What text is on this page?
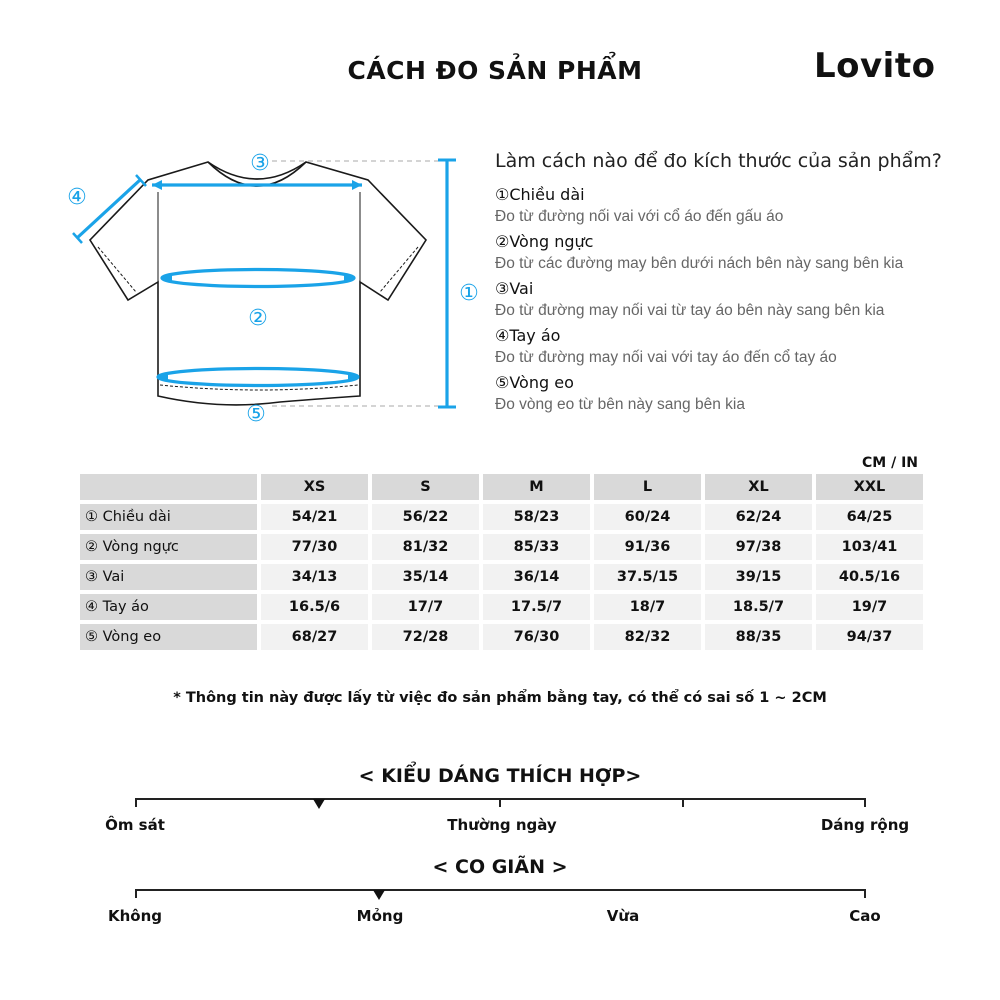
CÁCH ĐO SẢN PHẨM	Lovito
①
②
③
④
⑤
Làm cách nào để đo kích thước của sản phẩm?
①Chiều dài
Đo từ đường nối vai với cổ áo đến gấu áo
②Vòng ngực
Đo từ các đường may bên dưới nách bên này sang bên kia
③Vai
Đo từ đường may nối vai từ tay áo bên này sang bên kia
④Tay áo
Đo từ đường may nối vai với tay áo đến cổ tay áo
⑤Vòng eo
Đo vòng eo từ bên này sang bên kia
CM / IN
	XS	S	M	L	XL	XXL
① Chiều dài	54/21	56/22	58/23	60/24	62/24	64/25
② Vòng ngực	77/30	81/32	85/33	91/36	97/38	103/41
③ Vai	34/13	35/14	36/14	37.5/15	39/15	40.5/16
④ Tay áo	16.5/6	17/7	17.5/7	18/7	18.5/7	19/7
⑤ Vòng eo	68/27	72/28	76/30	82/32	88/35	94/37
* Thông tin này được lấy từ việc đo sản phẩm bằng tay, có thể có sai số 1 ~ 2CM
< KIỂU DÁNG THÍCH HỢP>
Ôm sát	Thường ngày	Dáng rộng
< CO GIÃN >
Không	Mỏng	Vừa	Cao
